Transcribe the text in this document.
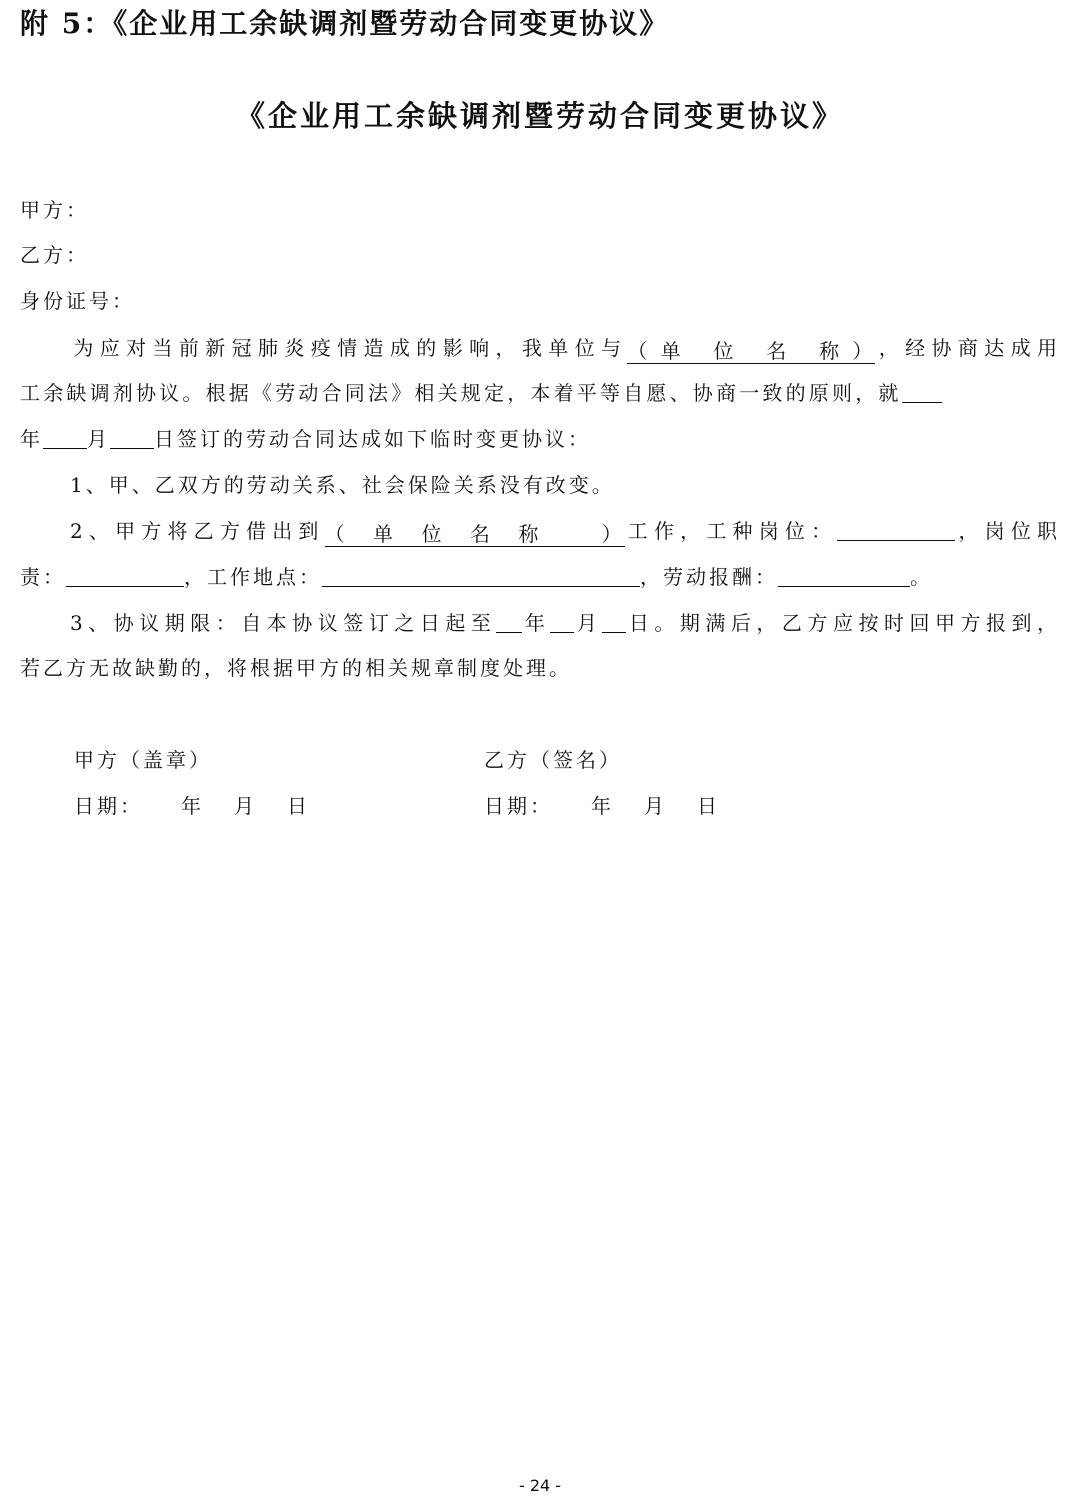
附 5：《企业用工余缺调剂暨劳动合同变更协议》
《企业用工余缺调剂暨劳动合同变更协议》
甲方：
乙方：
身份证号：
为应对当前新冠肺炎疫情造成的影响，我单位与（单 位 名 称），经协商达成用
工余缺调剂协议。根据《劳动合同法》相关规定，本着平等自愿、协商一致的原则，就
年 月 日签订的劳动合同达成如下临时变更协议：
1、甲、乙双方的劳动关系、社会保险关系没有改变。
2、甲方将乙方借出到（单位名称 ）工作，工种岗位：	，岗位职
责：	，工作地点：	，劳动报酬：	。
3、协议期限：自本协议签订之日起至 年 月 日。期满后，乙方应按时回甲方报到，
若乙方无故缺勤的，将根据甲方的相关规章制度处理。
甲方（盖章）	乙方（签名）
日期： 年 月 日	日期： 年 月 日
- 24 -
